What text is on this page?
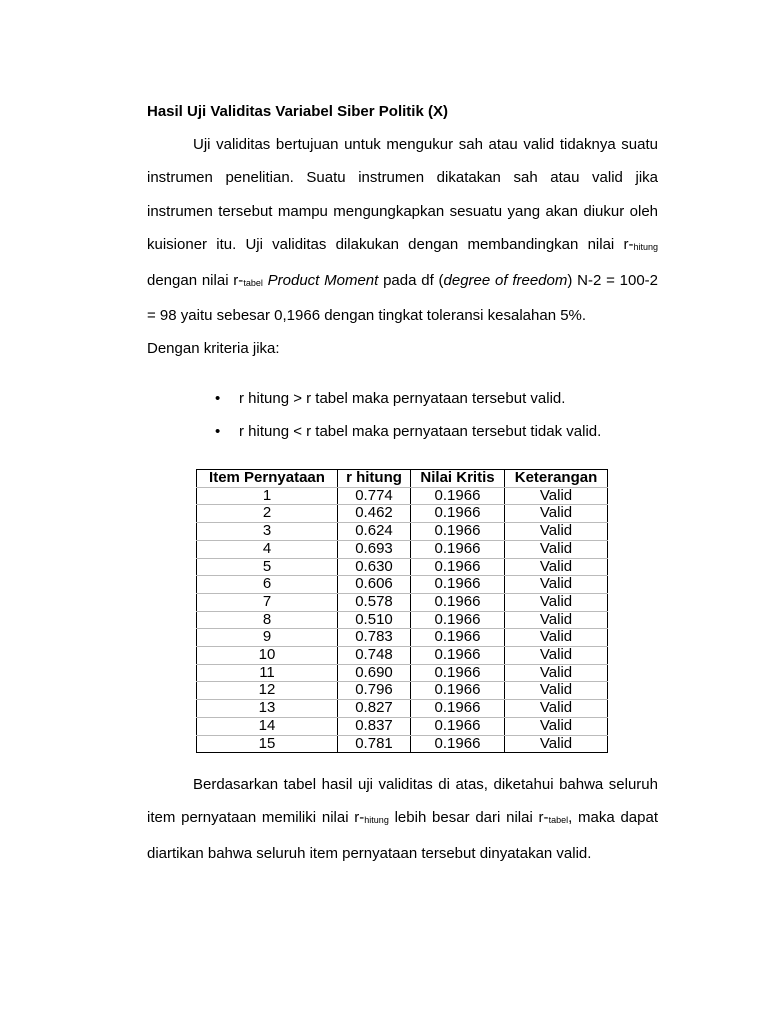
Hasil Uji Validitas Variabel Siber Politik (X)

Uji validitas bertujuan untuk mengukur sah atau valid tidaknya suatu instrumen penelitian. Suatu instrumen dikatakan sah atau valid jika instrumen tersebut mampu mengungkapkan sesuatu yang akan diukur oleh kuisioner itu. Uji validitas dilakukan dengan membandingkan nilai $r-_{hitung}$ dengan nilai $r-_{tabel}$ Product Moment pada df (degree of freedom) N-2 = 100-2 = 98 yaitu sebesar 0,1966 dengan tingkat toleransi kesalahan 5%.

Dengan kriteria jika:

• r hitung > r tabel maka pernyataan tersebut valid.
• r hitung < r tabel maka pernyataan tersebut tidak valid.
Item Pernyataan	r hitung	Nilai Kritis	Keterangan
1	0.774	0.1966	Valid
2	0.462	0.1966	Valid
3	0.624	0.1966	Valid
4	0.693	0.1966	Valid
5	0.630	0.1966	Valid
6	0.606	0.1966	Valid
7	0.578	0.1966	Valid
8	0.510	0.1966	Valid
9	0.783	0.1966	Valid
10	0.748	0.1966	Valid
11	0.690	0.1966	Valid
12	0.796	0.1966	Valid
13	0.827	0.1966	Valid
14	0.837	0.1966	Valid
15	0.781	0.1966	Valid

Berdasarkan tabel hasil uji validitas di atas, diketahui bahwa seluruh item pernyataan memiliki nilai $r-_{hitung}$ lebih besar dari nilai $r-_{tabel}$, maka dapat diartikan bahwa seluruh item pernyataan tersebut dinyatakan valid.
